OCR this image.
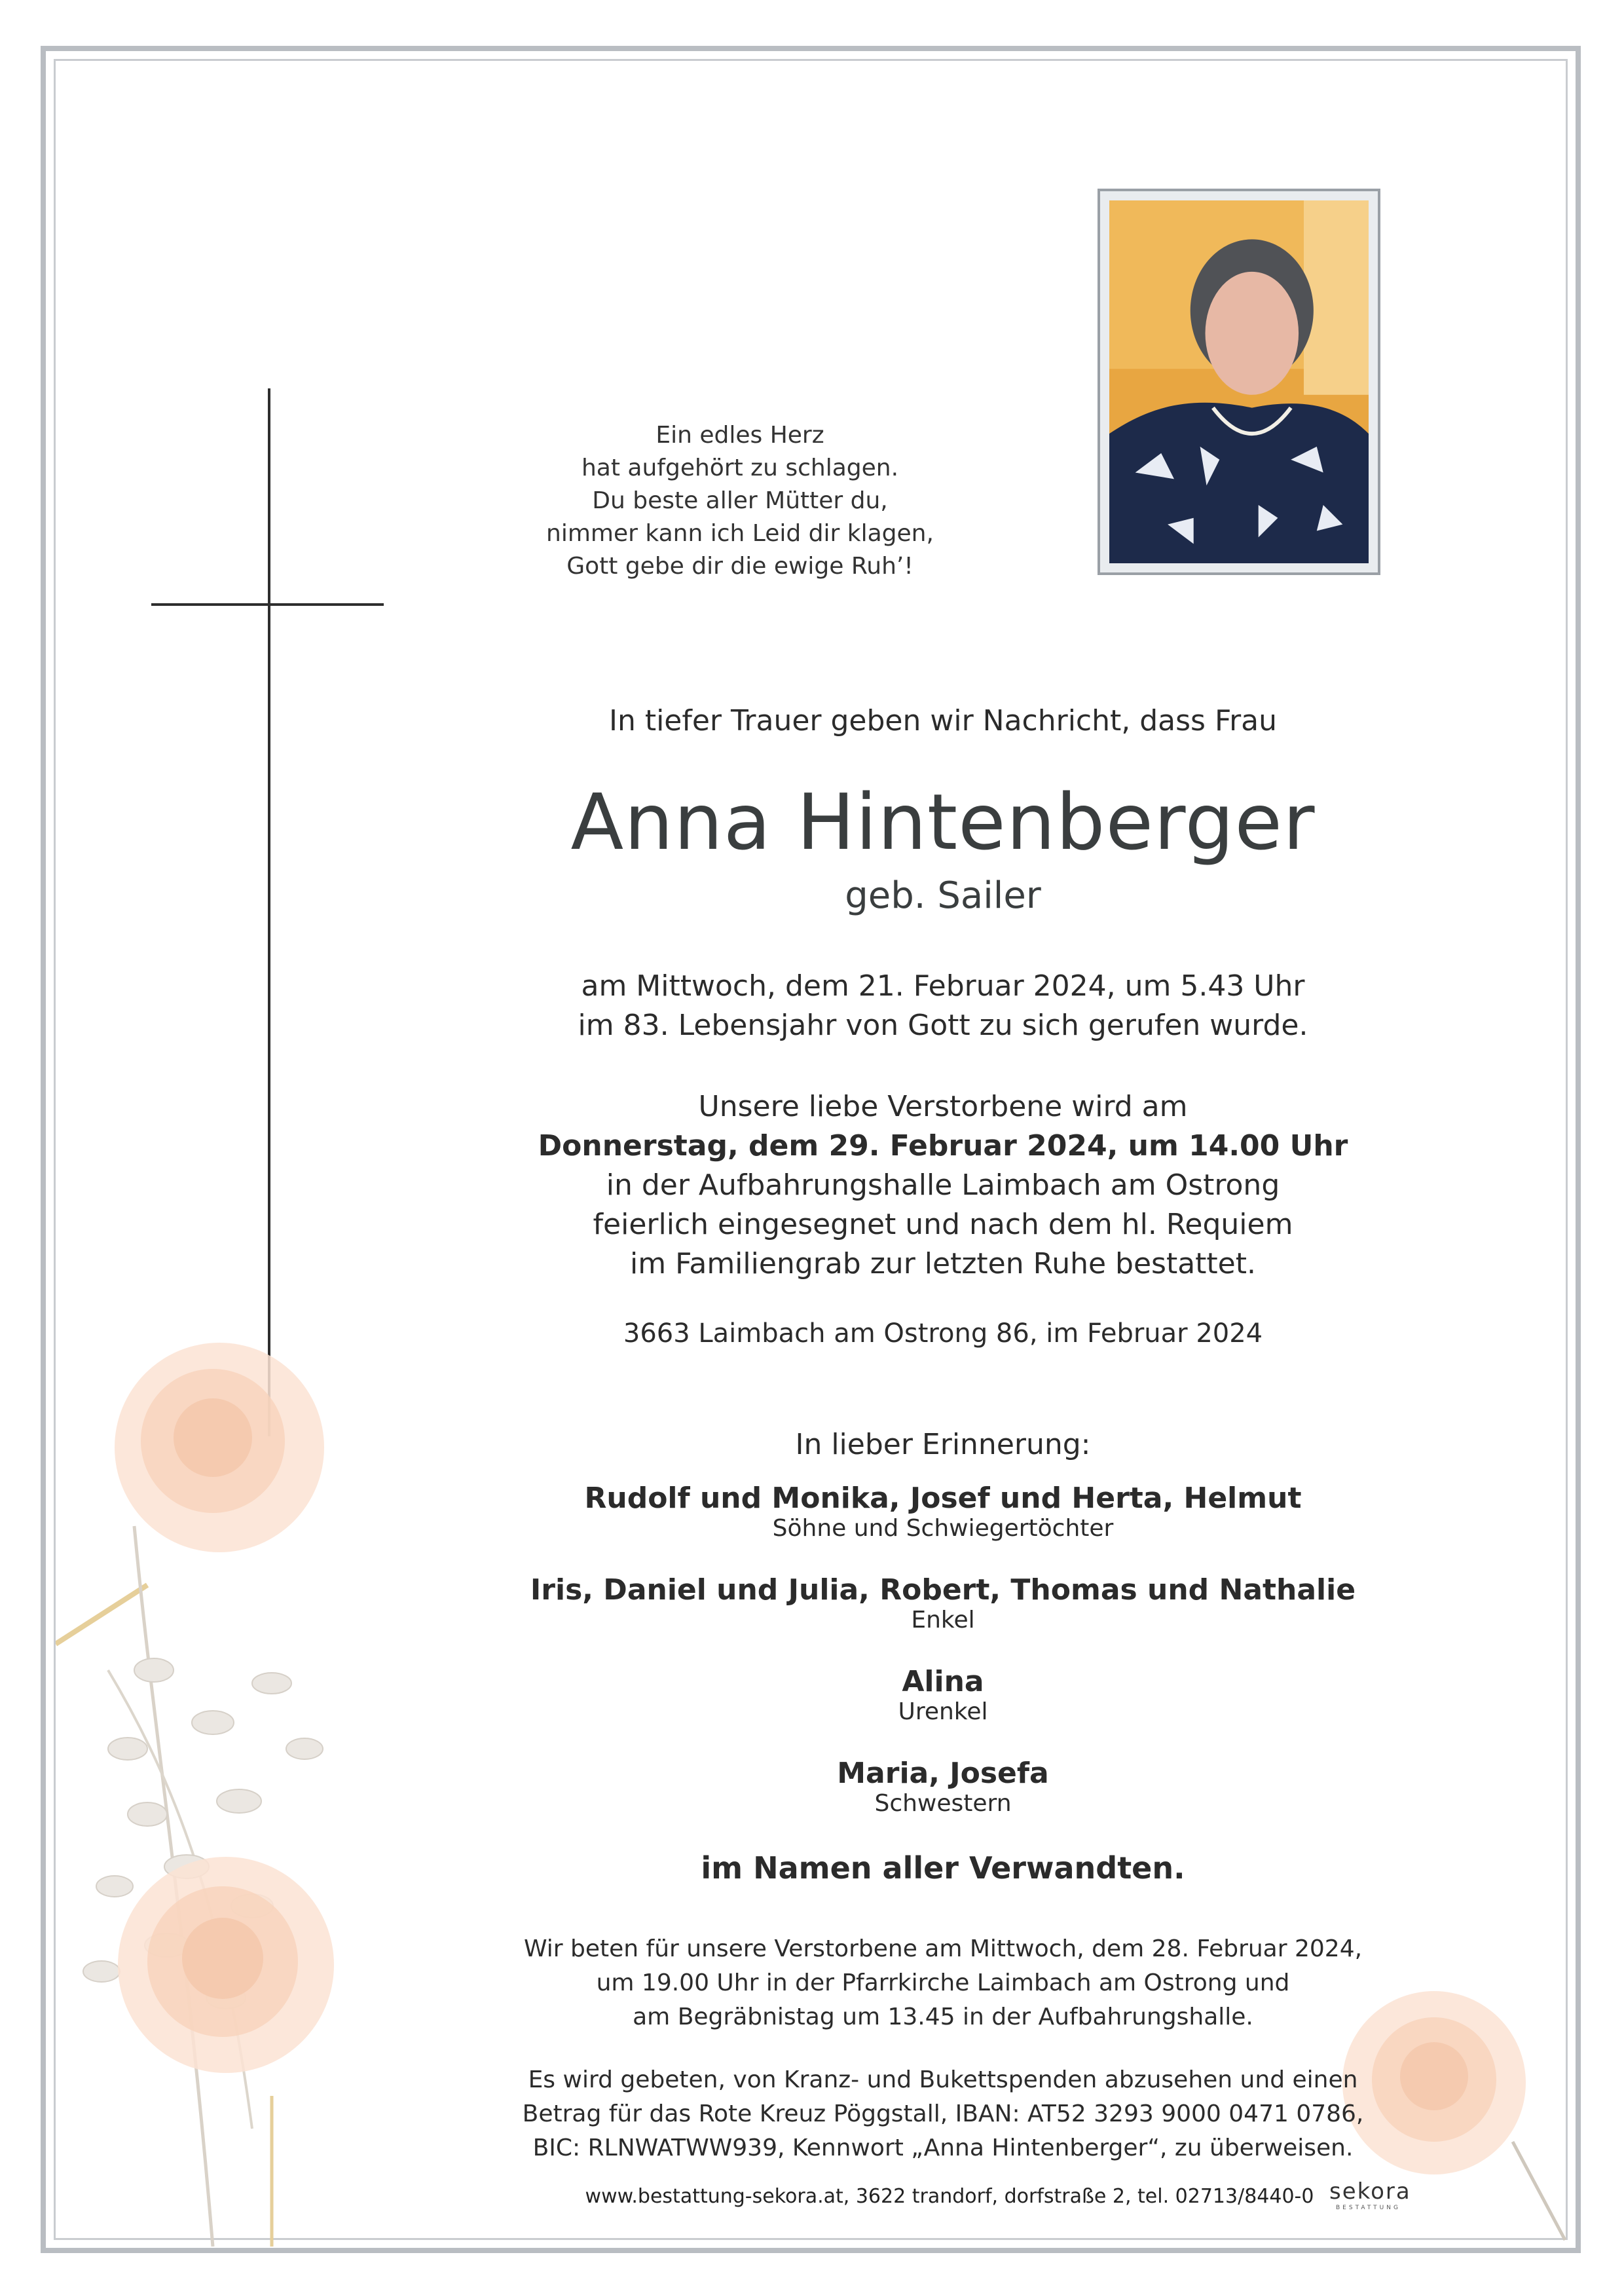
Ein edles Herz
hat aufgehört zu schlagen.
Du beste aller Mütter du,
nimmer kann ich Leid dir klagen,
Gott gebe dir die ewige Ruh’!
In tiefer Trauer geben wir Nachricht, dass Frau
Anna Hintenberger
geb. Sailer
am Mittwoch, dem 21. Februar 2024, um 5.43 Uhr
im 83. Lebensjahr von Gott zu sich gerufen wurde.
Unsere liebe Verstorbene wird am
Donnerstag, dem 29. Februar 2024, um 14.00 Uhr
in der Aufbahrungshalle Laimbach am Ostrong
feierlich eingesegnet und nach dem hl. Requiem
im Familiengrab zur letzten Ruhe bestattet.
3663 Laimbach am Ostrong 86, im Februar 2024
In lieber Erinnerung:
Rudolf und Monika, Josef und Herta, Helmut
Söhne und Schwiegertöchter
Iris, Daniel und Julia, Robert, Thomas und Nathalie
Enkel
Alina
Urenkel
Maria, Josefa
Schwestern
im Namen aller Verwandten.
Wir beten für unsere Verstorbene am Mittwoch, dem 28. Februar 2024,
um 19.00 Uhr in der Pfarrkirche Laimbach am Ostrong und
am Begräbnistag um 13.45 in der Aufbahrungshalle.
Es wird gebeten, von Kranz- und Bukettspenden abzusehen und einen
Betrag für das Rote Kreuz Pöggstall, IBAN: AT52 3293 9000 0471 0786,
BIC: RLNWATWW939, Kennwort „Anna Hintenberger“, zu überweisen.
www.bestattung-sekora.at, 3622 trandorf, dorfstraße 2, tel. 02713/8440-0 sekora
BESTATTUNG
